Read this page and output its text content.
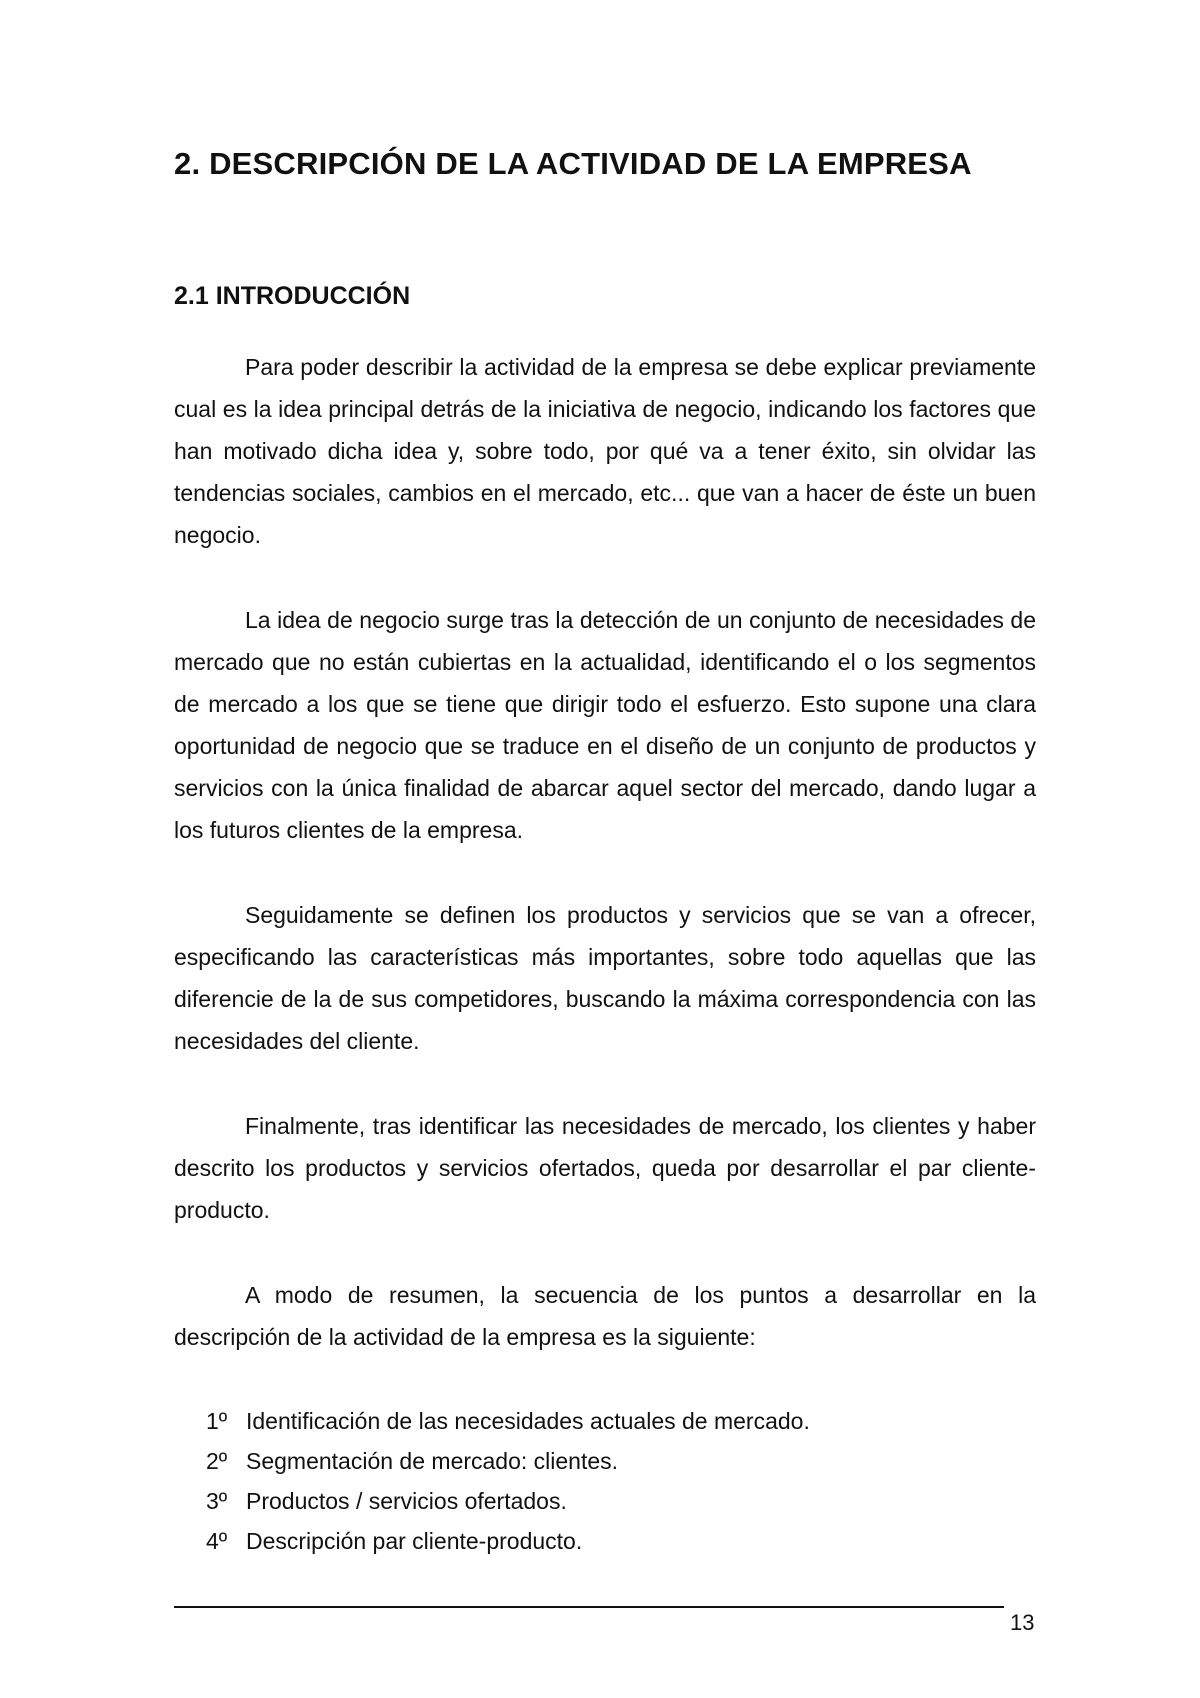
2. DESCRIPCIÓN DE LA ACTIVIDAD DE LA EMPRESA
2.1 INTRODUCCIÓN

Para poder describir la actividad de la empresa se debe explicar previamente cual es la idea principal detrás de la iniciativa de negocio, indicando los factores que han motivado dicha idea y, sobre todo, por qué va a tener éxito, sin olvidar las tendencias sociales, cambios en el mercado, etc... que van a hacer de éste un buen negocio.

La idea de negocio surge tras la detección de un conjunto de necesidades de mercado que no están cubiertas en la actualidad, identificando el o los segmentos de mercado a los que se tiene que dirigir todo el esfuerzo. Esto supone una clara oportunidad de negocio que se traduce en el diseño de un conjunto de productos y servicios con la única finalidad de abarcar aquel sector del mercado, dando lugar a los futuros clientes de la empresa.

Seguidamente se definen los productos y servicios que se van a ofrecer, especificando las características más importantes, sobre todo aquellas que las diferencie de la de sus competidores, buscando la máxima correspondencia con las necesidades del cliente.

Finalmente, tras identificar las necesidades de mercado, los clientes y haber descrito los productos y servicios ofertados, queda por desarrollar el par cliente-producto.

A modo de resumen, la secuencia de los puntos a desarrollar en la descripción de la actividad de la empresa es la siguiente:

1º Identificación de las necesidades actuales de mercado.
2º Segmentación de mercado: clientes.
3º Productos / servicios ofertados.
4º Descripción par cliente-producto.
13
